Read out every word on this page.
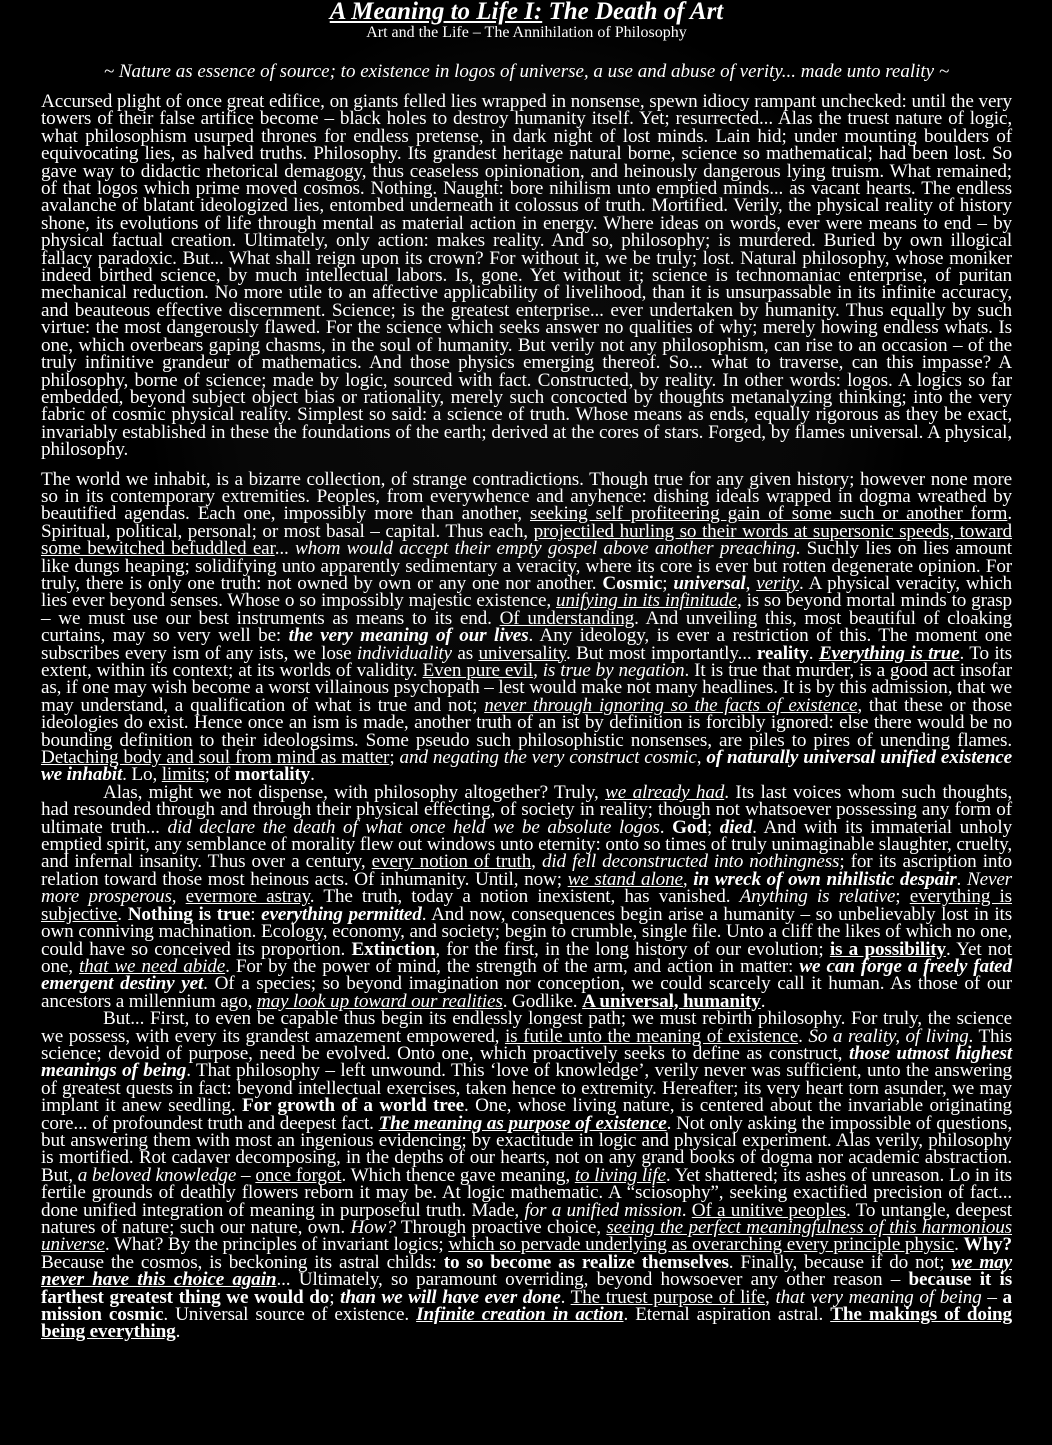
A Meaning to Life I: The Death of Art
Art and the Life – The Annihilation of Philosophy
~ Nature as essence of source; to existence in logos of universe, a use and abuse of verity... made unto reality ~

Accursed plight of once great edifice, on giants felled lies wrapped in nonsense, spewn idiocy rampant unchecked: until the very towers of their false artifice become – black holes to destroy humanity itself. Yet; resurrected... Alas the truest nature of logic, what philosophism usurped thrones for endless pretense, in dark night of lost minds. Lain hid; under mounting boulders of equivocating lies, as halved truths. Philosophy. Its grandest heritage natural borne, science so mathematical; had been lost. So gave way to didactic rhetorical demagogy, thus ceaseless opinionation, and heinously dangerous lying truism. What remained; of that logos which prime moved cosmos. Nothing. Naught: bore nihilism unto emptied minds... as vacant hearts. The endless avalanche of blatant ideologized lies, entombed underneath it colossus of truth. Mortified. Verily, the physical reality of history shone, its evolutions of life through mental as material action in energy. Where ideas on words, ever were means to end – by physical factual creation. Ultimately, only action: makes reality. And so, philosophy; is murdered. Buried by own illogical fallacy paradoxic. But... What shall reign upon its crown? For without it, we be truly; lost. Natural philosophy, whose moniker indeed birthed science, by much intellectual labors. Is, gone. Yet without it; science is technomaniac enterprise, of puritan mechanical reduction. No more utile to an affective applicability of livelihood, than it is unsurpassable in its infinite accuracy, and beauteous effective discernment. Science; is the greatest enterprise... ever undertaken by humanity. Thus equally by such virtue: the most dangerously flawed. For the science which seeks answer no qualities of why; merely howing endless whats. Is one, which overbears gaping chasms, in the soul of humanity. But verily not any philosophism, can rise to an occasion – of the truly infinitive grandeur of mathematics. And those physics emerging thereof. So... what to traverse, can this impasse? A philosophy, borne of science; made by logic, sourced with fact. Constructed, by reality. In other words: logos. A logics so far embedded, beyond subject object bias or rationality, merely such concocted by thoughts metanalyzing thinking; into the very fabric of cosmic physical reality. Simplest so said: a science of truth. Whose means as ends, equally rigorous as they be exact, invariably established in these the foundations of the earth; derived at the cores of stars. Forged, by flames universal. A physical, philosophy.

The world we inhabit, is a bizarre collection, of strange contradictions. Though true for any given history; however none more so in its contemporary extremities. Peoples, from everywhence and anyhence: dishing ideals wrapped in dogma wreathed by beautified agendas. Each one, impossibly more than another, seeking self profiteering gain of some such or another form. Spiritual, political, personal; or most basal – capital. Thus each, projectiled hurling so their words at supersonic speeds, toward some bewitched befuddled ear... whom would accept their empty gospel above another preaching. Suchly lies on lies amount like dungs heaping; solidifying unto apparently sedimentary a veracity, where its core is ever but rotten degenerate opinion. For truly, there is only one truth: not owned by own or any one nor another. Cosmic; universal, verity. A physical veracity, which lies ever beyond senses. Whose o so impossibly majestic existence, unifying in its infinitude, is so beyond mortal minds to grasp – we must use our best instruments as means to its end. Of understanding. And unveiling this, most beautiful of cloaking curtains, may so very well be: the very meaning of our lives. Any ideology, is ever a restriction of this. The moment one subscribes every ism of any ists, we lose individuality as universality. But most importantly... reality. Everything is true. To its extent, within its context; at its worlds of validity. Even pure evil, is true by negation. It is true that murder, is a good act insofar as, if one may wish become a worst villainous psychopath – lest would make not many headlines. It is by this admission, that we may understand, a qualification of what is true and not; never through ignoring so the facts of existence, that these or those ideologies do exist. Hence once an ism is made, another truth of an ist by definition is forcibly ignored: else there would be no bounding definition to their ideologsims. Some pseudo such philosophistic nonsenses, are piles to pires of unending flames. Detaching body and soul from mind as matter; and negating the very construct cosmic, of naturally universal unified existence we inhabit. Lo, limits; of mortality.
Alas, might we not dispense, with philosophy altogether? Truly, we already had. Its last voices whom such thoughts, had resounded through and through their physical effecting, of society in reality; though not whatsoever possessing any form of ultimate truth... did declare the death of what once held we be absolute logos. God; died. And with its immaterial unholy emptied spirit, any semblance of morality flew out windows unto eternity: onto so times of truly unimaginable slaughter, cruelty, and infernal insanity. Thus over a century, every notion of truth, did fell deconstructed into nothingness; for its ascription into relation toward those most heinous acts. Of inhumanity. Until, now; we stand alone, in wreck of own nihilistic despair. Never more prosperous, evermore astray. The truth, today a notion inexistent, has vanished. Anything is relative; everything is subjective. Nothing is true: everything permitted. And now, consequences begin arise a humanity – so unbelievably lost in its own conniving machination. Ecology, economy, and society; begin to crumble, single file. Unto a cliff the likes of which no one, could have so conceived its proportion. Extinction, for the first, in the long history of our evolution; is a possibility. Yet not one, that we need abide. For by the power of mind, the strength of the arm, and action in matter: we can forge a freely fated emergent destiny yet. Of a species; so beyond imagination nor conception, we could scarcely call it human. As those of our ancestors a millennium ago, may look up toward our realities. Godlike. A universal, humanity.
But... First, to even be capable thus begin its endlessly longest path; we must rebirth philosophy. For truly, the science we possess, with every its grandest amazement empowered, is futile unto the meaning of existence. So a reality, of living. This science; devoid of purpose, need be evolved. Onto one, which proactively seeks to define as construct, those utmost highest meanings of being. That philosophy – left unwound. This ‘love of knowledge’, verily never was sufficient, unto the answering of greatest quests in fact: beyond intellectual exercises, taken hence to extremity. Hereafter; its very heart torn asunder, we may implant it anew seedling. For growth of a world tree. One, whose living nature, is centered about the invariable originating core... of profoundest truth and deepest fact. The meaning as purpose of existence. Not only asking the impossible of questions, but answering them with most an ingenious evidencing; by exactitude in logic and physical experiment. Alas verily, philosophy is mortified. Rot cadaver decomposing, in the depths of our hearts, not on any grand books of dogma nor academic abstraction. But, a beloved knowledge – once forgot. Which thence gave meaning, to living life. Yet shattered; its ashes of unreason. Lo in its fertile grounds of deathly flowers reborn it may be. At logic mathematic. A “sciosophy”, seeking exactified precision of fact... done unified integration of meaning in purposeful truth. Made, for a unified mission. Of a unitive peoples. To untangle, deepest natures of nature; such our nature, own. How? Through proactive choice, seeing the perfect meaningfulness of this harmonious universe. What? By the principles of invariant logics; which so pervade underlying as overarching every principle physic. Why? Because the cosmos, is beckoning its astral childs: to so become as realize themselves. Finally, because if do not; we may never have this choice again... Ultimately, so paramount overriding, beyond howsoever any other reason – because it is farthest greatest thing we would do; than we will have ever done. The truest purpose of life, that very meaning of being – a mission cosmic. Universal source of existence. Infinite creation in action. Eternal aspiration astral. The makings of doing being everything.
